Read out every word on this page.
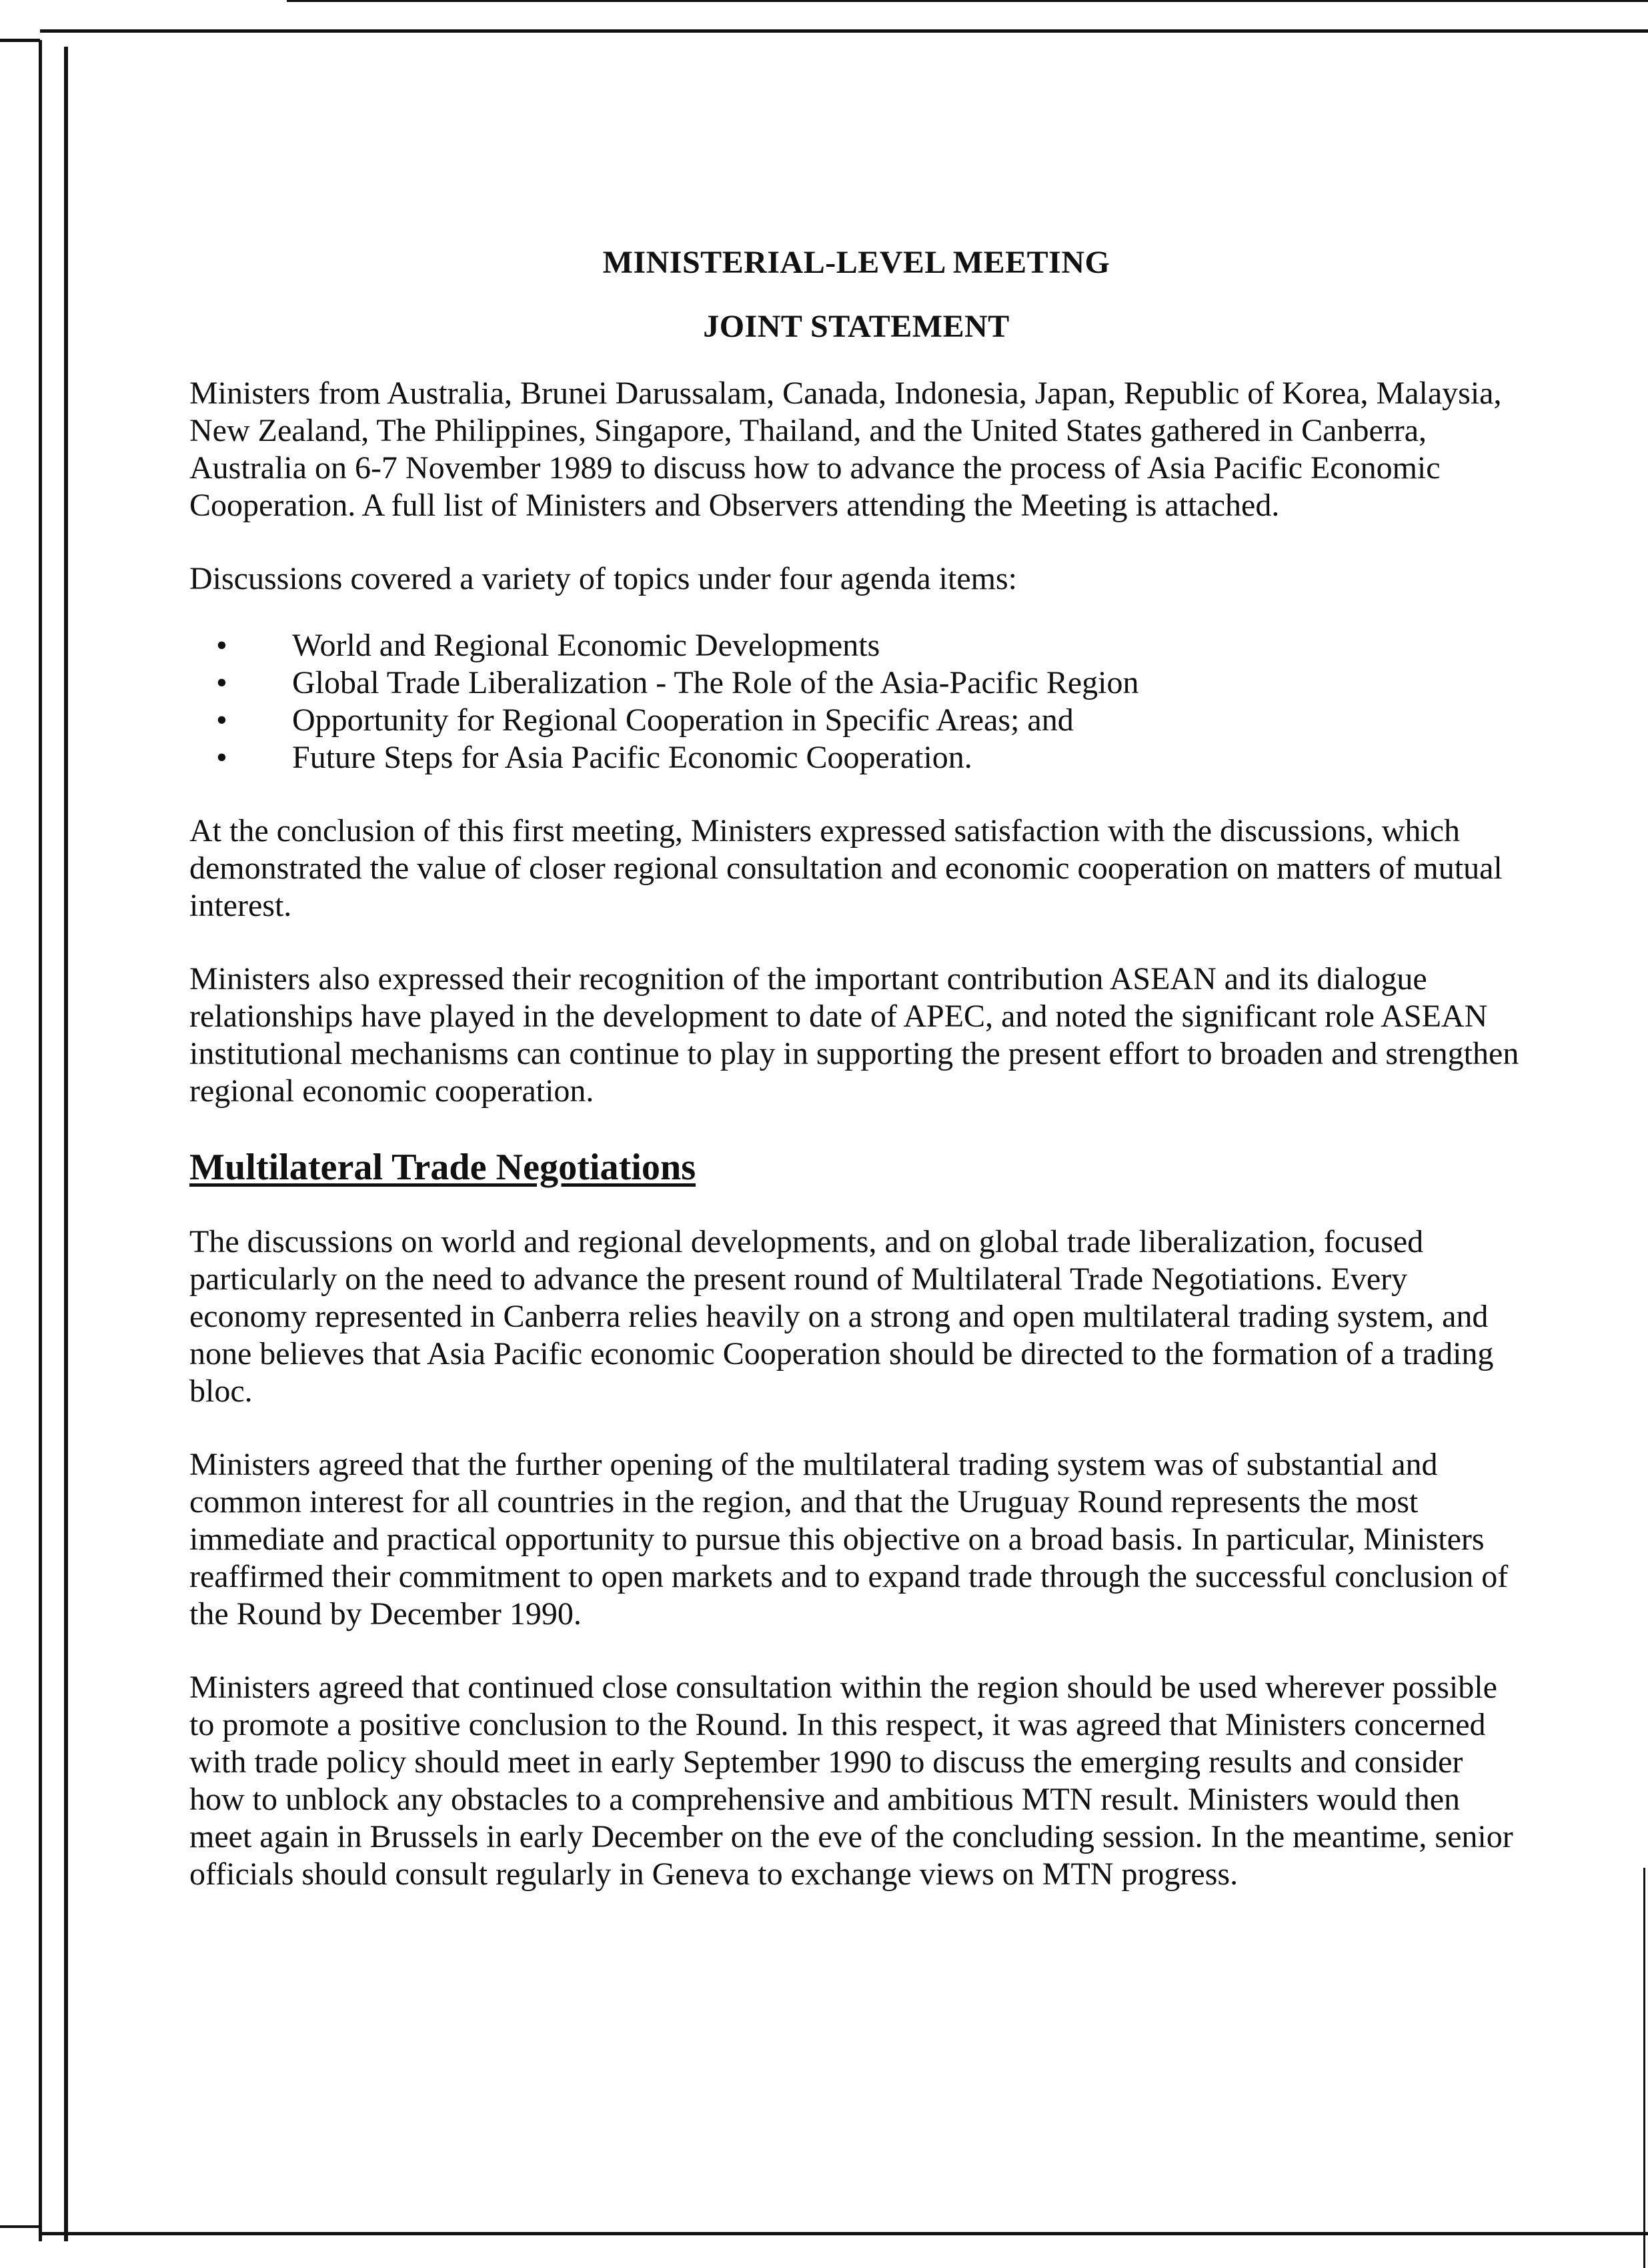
MINISTERIAL-LEVEL MEETING
JOINT STATEMENT

Ministers from Australia, Brunei Darussalam, Canada, Indonesia, Japan, Republic of Korea, Malaysia, New Zealand, The Philippines, Singapore, Thailand, and the United States gathered in Canberra, Australia on 6-7 November 1989 to discuss how to advance the process of Asia Pacific Economic Cooperation. A full list of Ministers and Observers attending the Meeting is attached.

Discussions covered a variety of topics under four agenda items:

• World and Regional Economic Developments
• Global Trade Liberalization - The Role of the Asia-Pacific Region
• Opportunity for Regional Cooperation in Specific Areas; and
• Future Steps for Asia Pacific Economic Cooperation.

At the conclusion of this first meeting, Ministers expressed satisfaction with the discussions, which demonstrated the value of closer regional consultation and economic cooperation on matters of mutual interest.

Ministers also expressed their recognition of the important contribution ASEAN and its dialogue relationships have played in the development to date of APEC, and noted the significant role ASEAN institutional mechanisms can continue to play in supporting the present effort to broaden and strengthen regional economic cooperation.

Multilateral Trade Negotiations

The discussions on world and regional developments, and on global trade liberalization, focused particularly on the need to advance the present round of Multilateral Trade Negotiations. Every economy represented in Canberra relies heavily on a strong and open multilateral trading system, and none believes that Asia Pacific economic Cooperation should be directed to the formation of a trading bloc.

Ministers agreed that the further opening of the multilateral trading system was of substantial and common interest for all countries in the region, and that the Uruguay Round represents the most immediate and practical opportunity to pursue this objective on a broad basis. In particular, Ministers reaffirmed their commitment to open markets and to expand trade through the successful conclusion of the Round by December 1990.

Ministers agreed that continued close consultation within the region should be used wherever possible to promote a positive conclusion to the Round. In this respect, it was agreed that Ministers concerned with trade policy should meet in early September 1990 to discuss the emerging results and consider how to unblock any obstacles to a comprehensive and ambitious MTN result. Ministers would then meet again in Brussels in early December on the eve of the concluding session. In the meantime, senior officials should consult regularly in Geneva to exchange views on MTN progress.
